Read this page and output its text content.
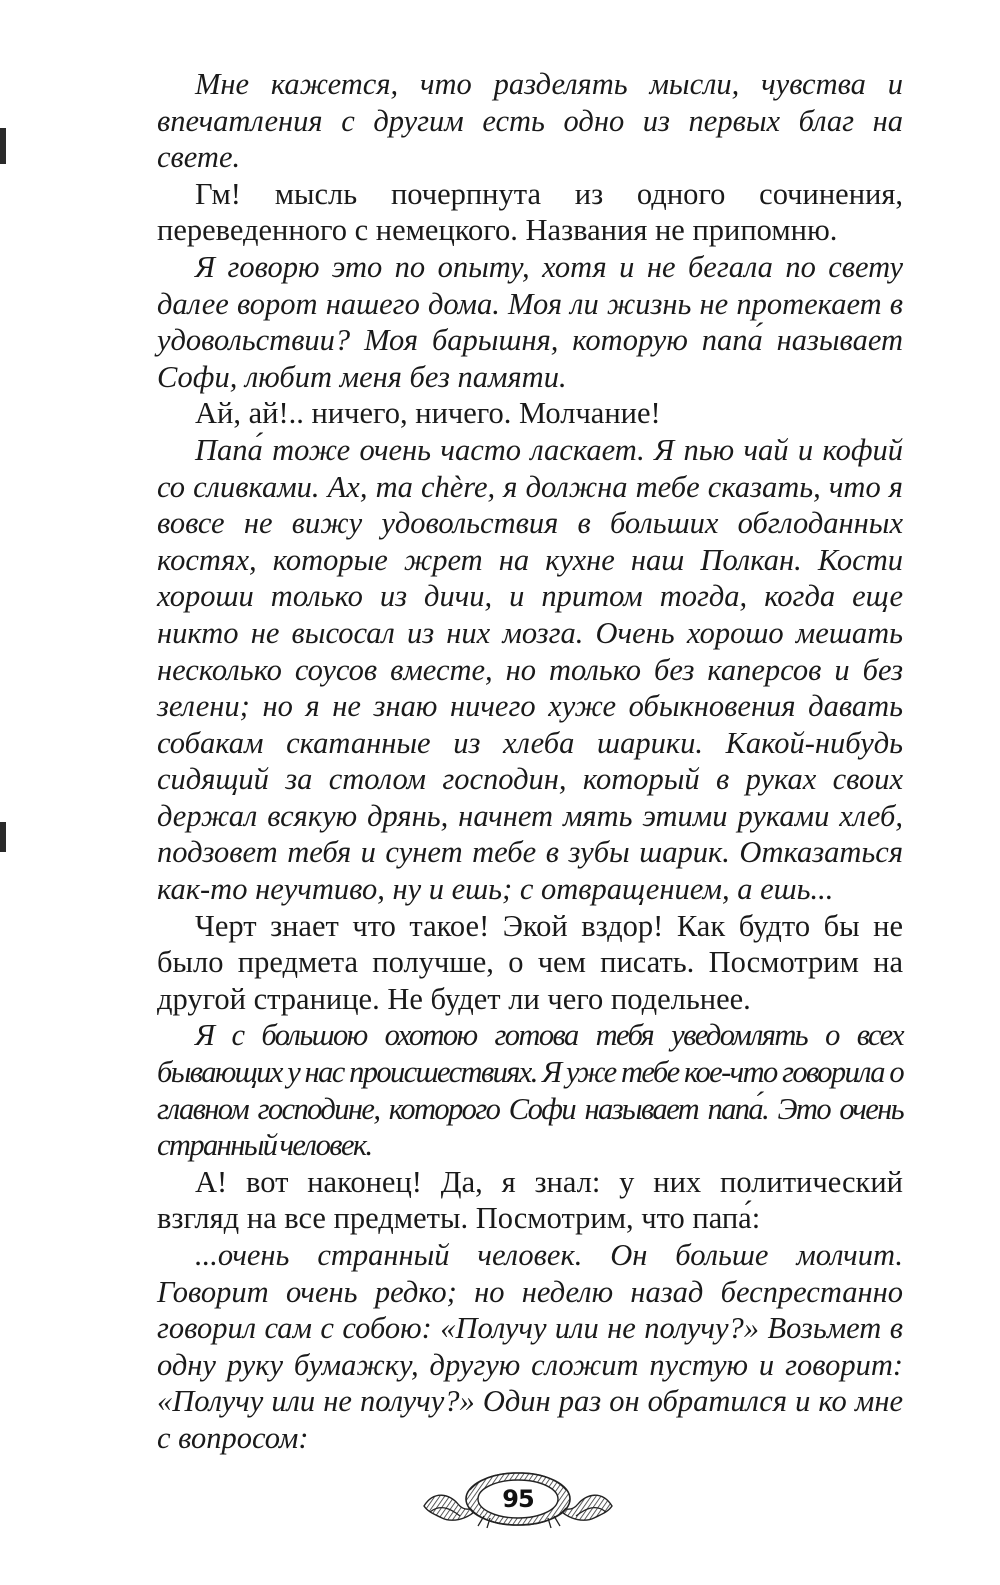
Мне кажется, что разделять мысли, чувства и впечатления с другим есть одно из первых благ на свете.

Гм! мысль почерпнута из одного сочинения, переведенного с немецкого. Названия не припомню.

Я говорю это по опыту, хотя и не бегала по свету далее ворот нашего дома. Моя ли жизнь не протекает в удовольствии? Моя барышня, которую папа́ называет Софи, любит меня без памяти.

Ай, ай!.. ничего, ничего. Молчание!

Папа́ тоже очень часто ласкает. Я пью чай и кофий со сливками. Ах, ma chère, я должна тебе сказать, что я вовсе не вижу удовольствия в больших обглоданных костях, которые жрет на кухне наш Полкан. Кости хороши только из дичи, и притом тогда, когда еще никто не высосал из них мозга. Очень хорошо мешать несколько соусов вместе, но только без каперсов и без зелени; но я не знаю ничего хуже обыкновения давать собакам скатанные из хлеба шарики. Какой-нибудь сидящий за столом господин, который в руках своих держал всякую дрянь, начнет мять этими руками хлеб, подзовет тебя и сунет тебе в зубы шарик. Отказаться как-то неучтиво, ну и ешь; с отвращением, а ешь...

Черт знает что такое! Экой вздор! Как будто бы не было предмета получше, о чем писать. Посмотрим на другой странице. Не будет ли чего подельнее.

Я с большою охотою готова тебя уведомлять о всех бывающих у нас происшествиях. Я уже тебе кое-что говорила о главном господине, которого Софи называет папа́. Это очень странный человек.

А! вот наконец! Да, я знал: у них политический взгляд на все предметы. Посмотрим, что папа́:

...очень странный человек. Он больше молчит. Говорит очень редко; но неделю назад беспрестанно говорил сам с собою: «Получу или не получу?» Возьмет в одну руку бумажку, другую сложит пустую и говорит: «Получу или не получу?» Один раз он обратился и ко мне с вопросом:

95
